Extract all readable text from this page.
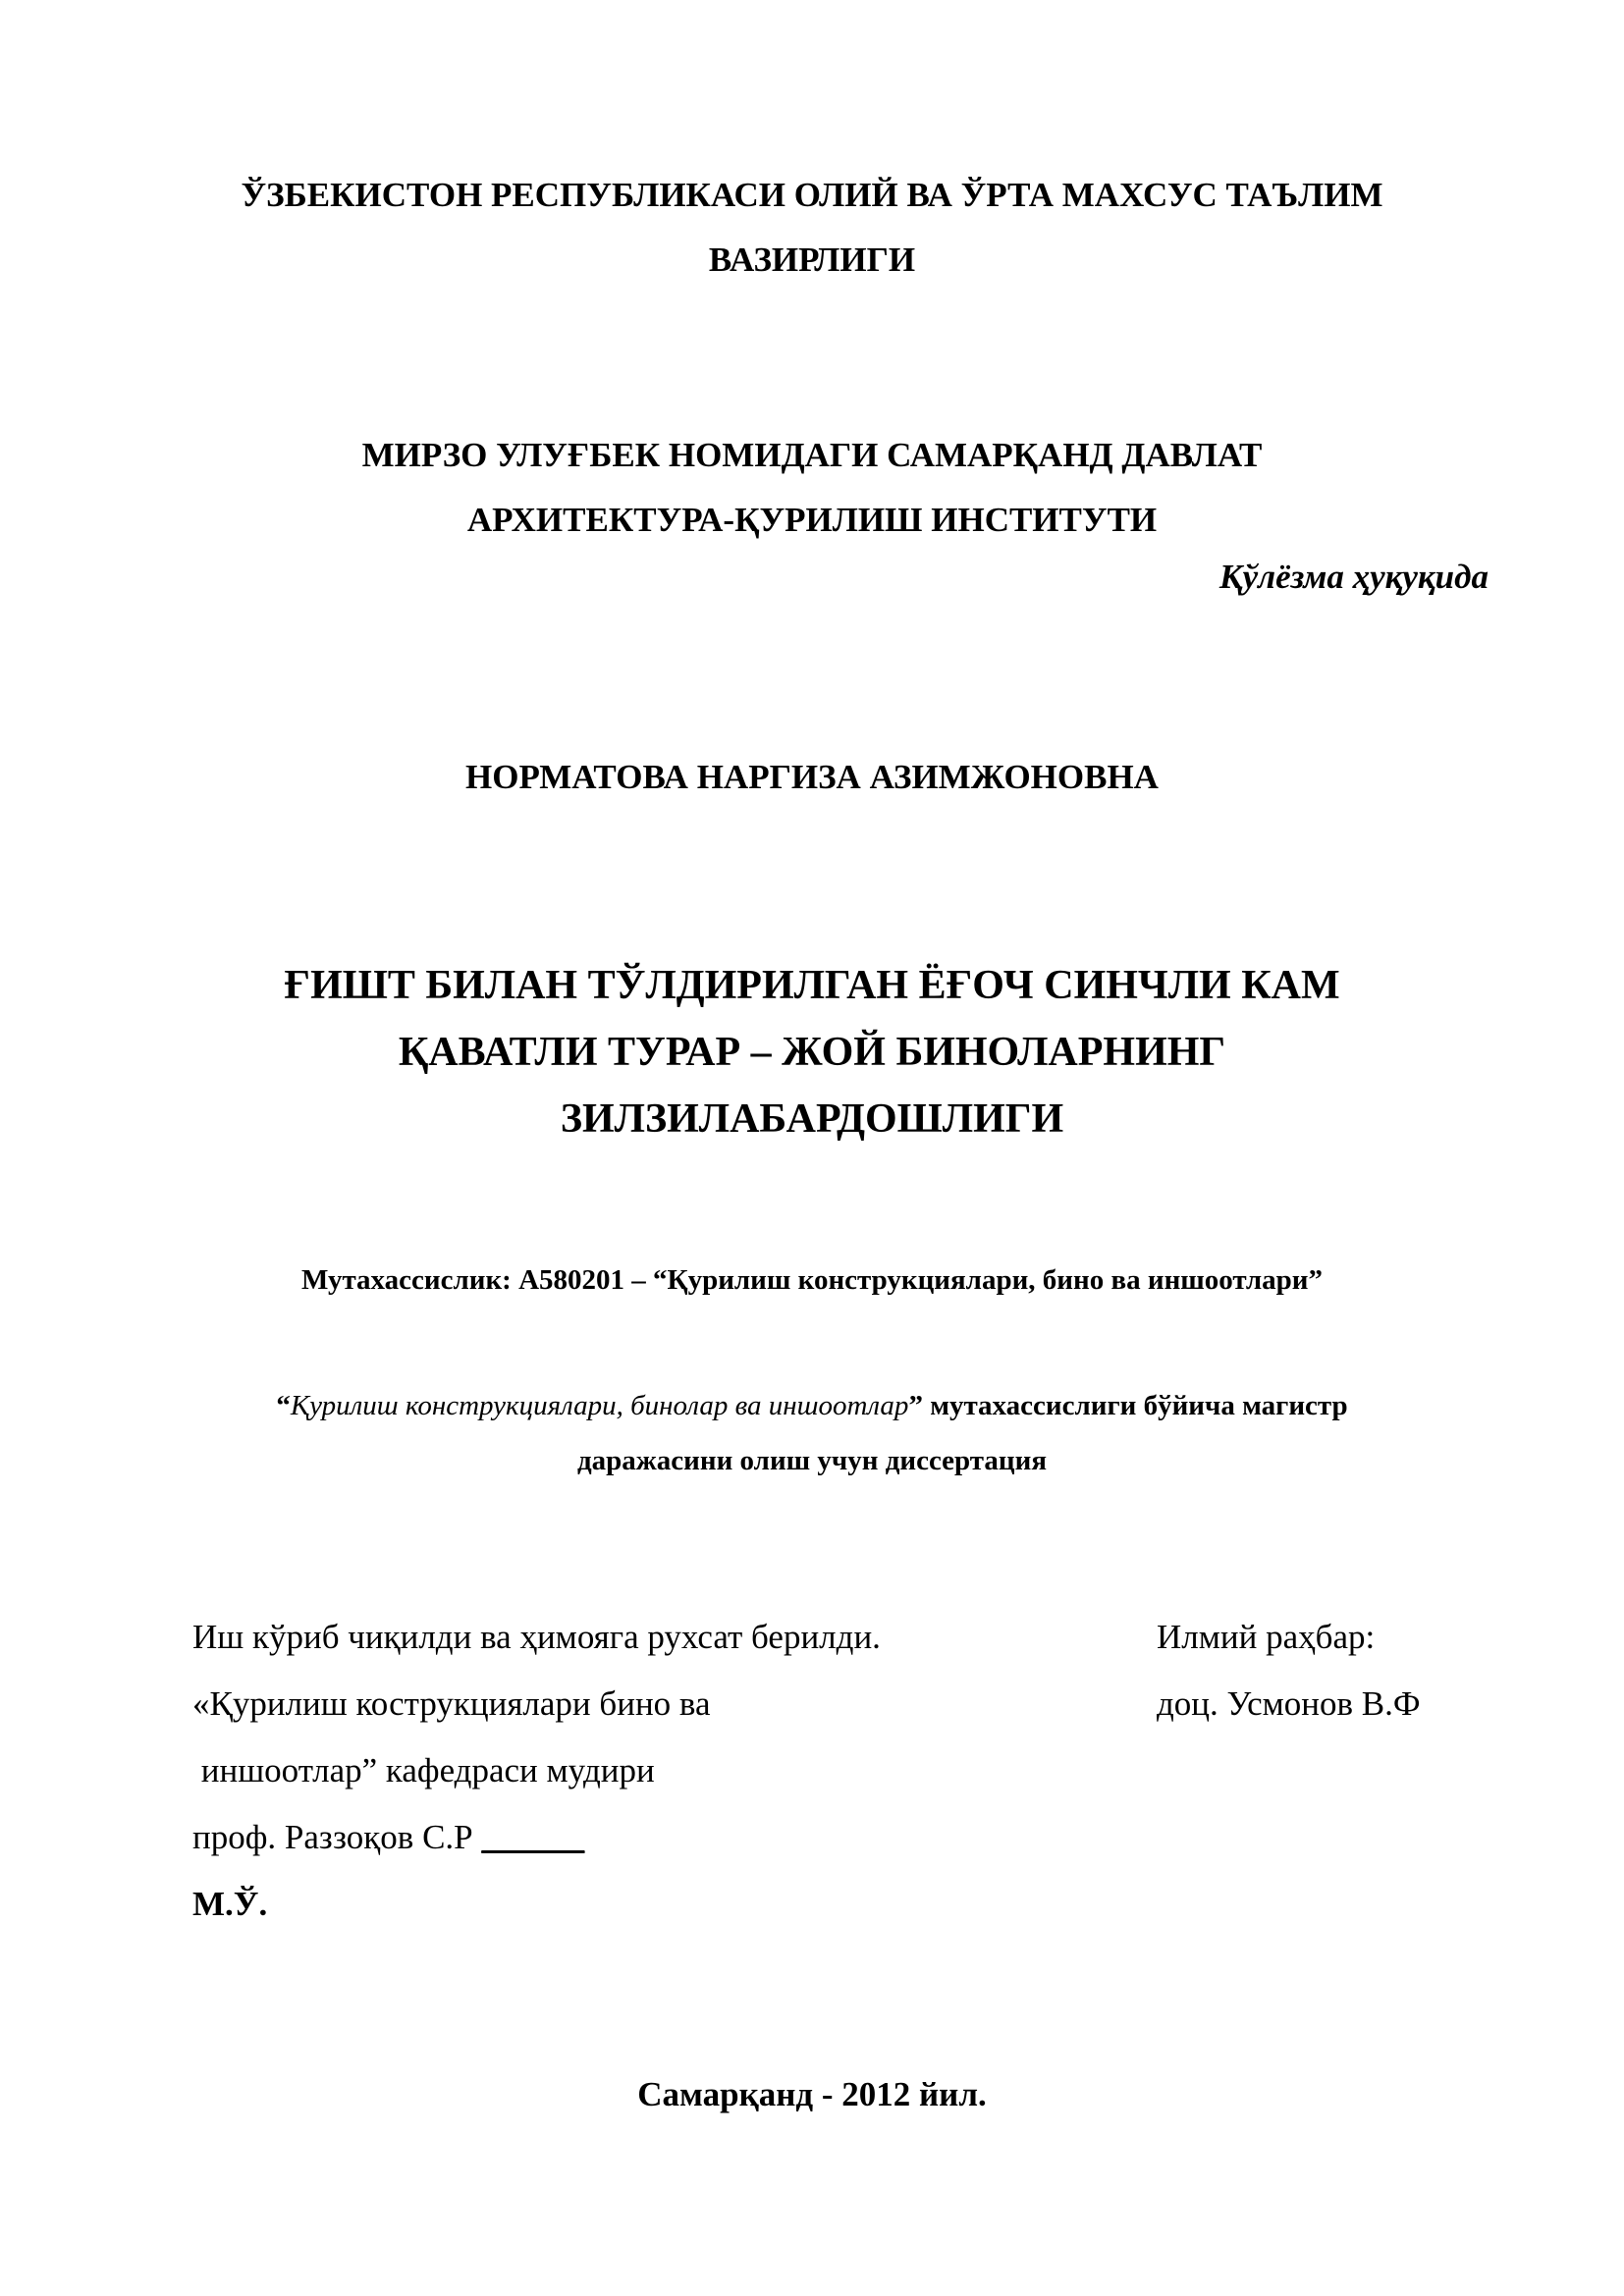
ЎЗБЕКИСТОН РЕСПУБЛИКАСИ ОЛИЙ ВА ЎРТА МАХСУС ТАЪЛИМ
ВАЗИРЛИГИ
МИРЗО УЛУҒБЕК НОМИДАГИ САМАРҚАНД ДАВЛАТ
АРХИТЕКТУРА-ҚУРИЛИШ ИНСТИТУТИ
Қўлёзма ҳуқуқида
НОРМАТОВА НАРГИЗА АЗИМЖОНОВНА
ҒИШТ БИЛАН ТЎЛДИРИЛГАН ЁҒОЧ СИНЧЛИ КАМ
ҚАВАТЛИ ТУРАР – ЖОЙ БИНОЛАРНИНГ
ЗИЛЗИЛАБАРДОШЛИГИ
Мутахассислик: А580201 – “Қурилиш конструкциялари, бино ва иншоотлари”
“Қурилиш конструкциялари, бинолар ва иншоотлар” мутахассислиги бўйича магистр
даражасини олиш учун диссертация
Иш кўриб чиқилди ва ҳимояга рухсат берилди.
«Қурилиш кострукциялари бино ва
иншоотлар” кафедраси мудири
проф. Раззоқов С.Р ______
М.Ў.
Илмий раҳбар:
доц. Усмонов В.Ф
Самарқанд - 2012 йил.
